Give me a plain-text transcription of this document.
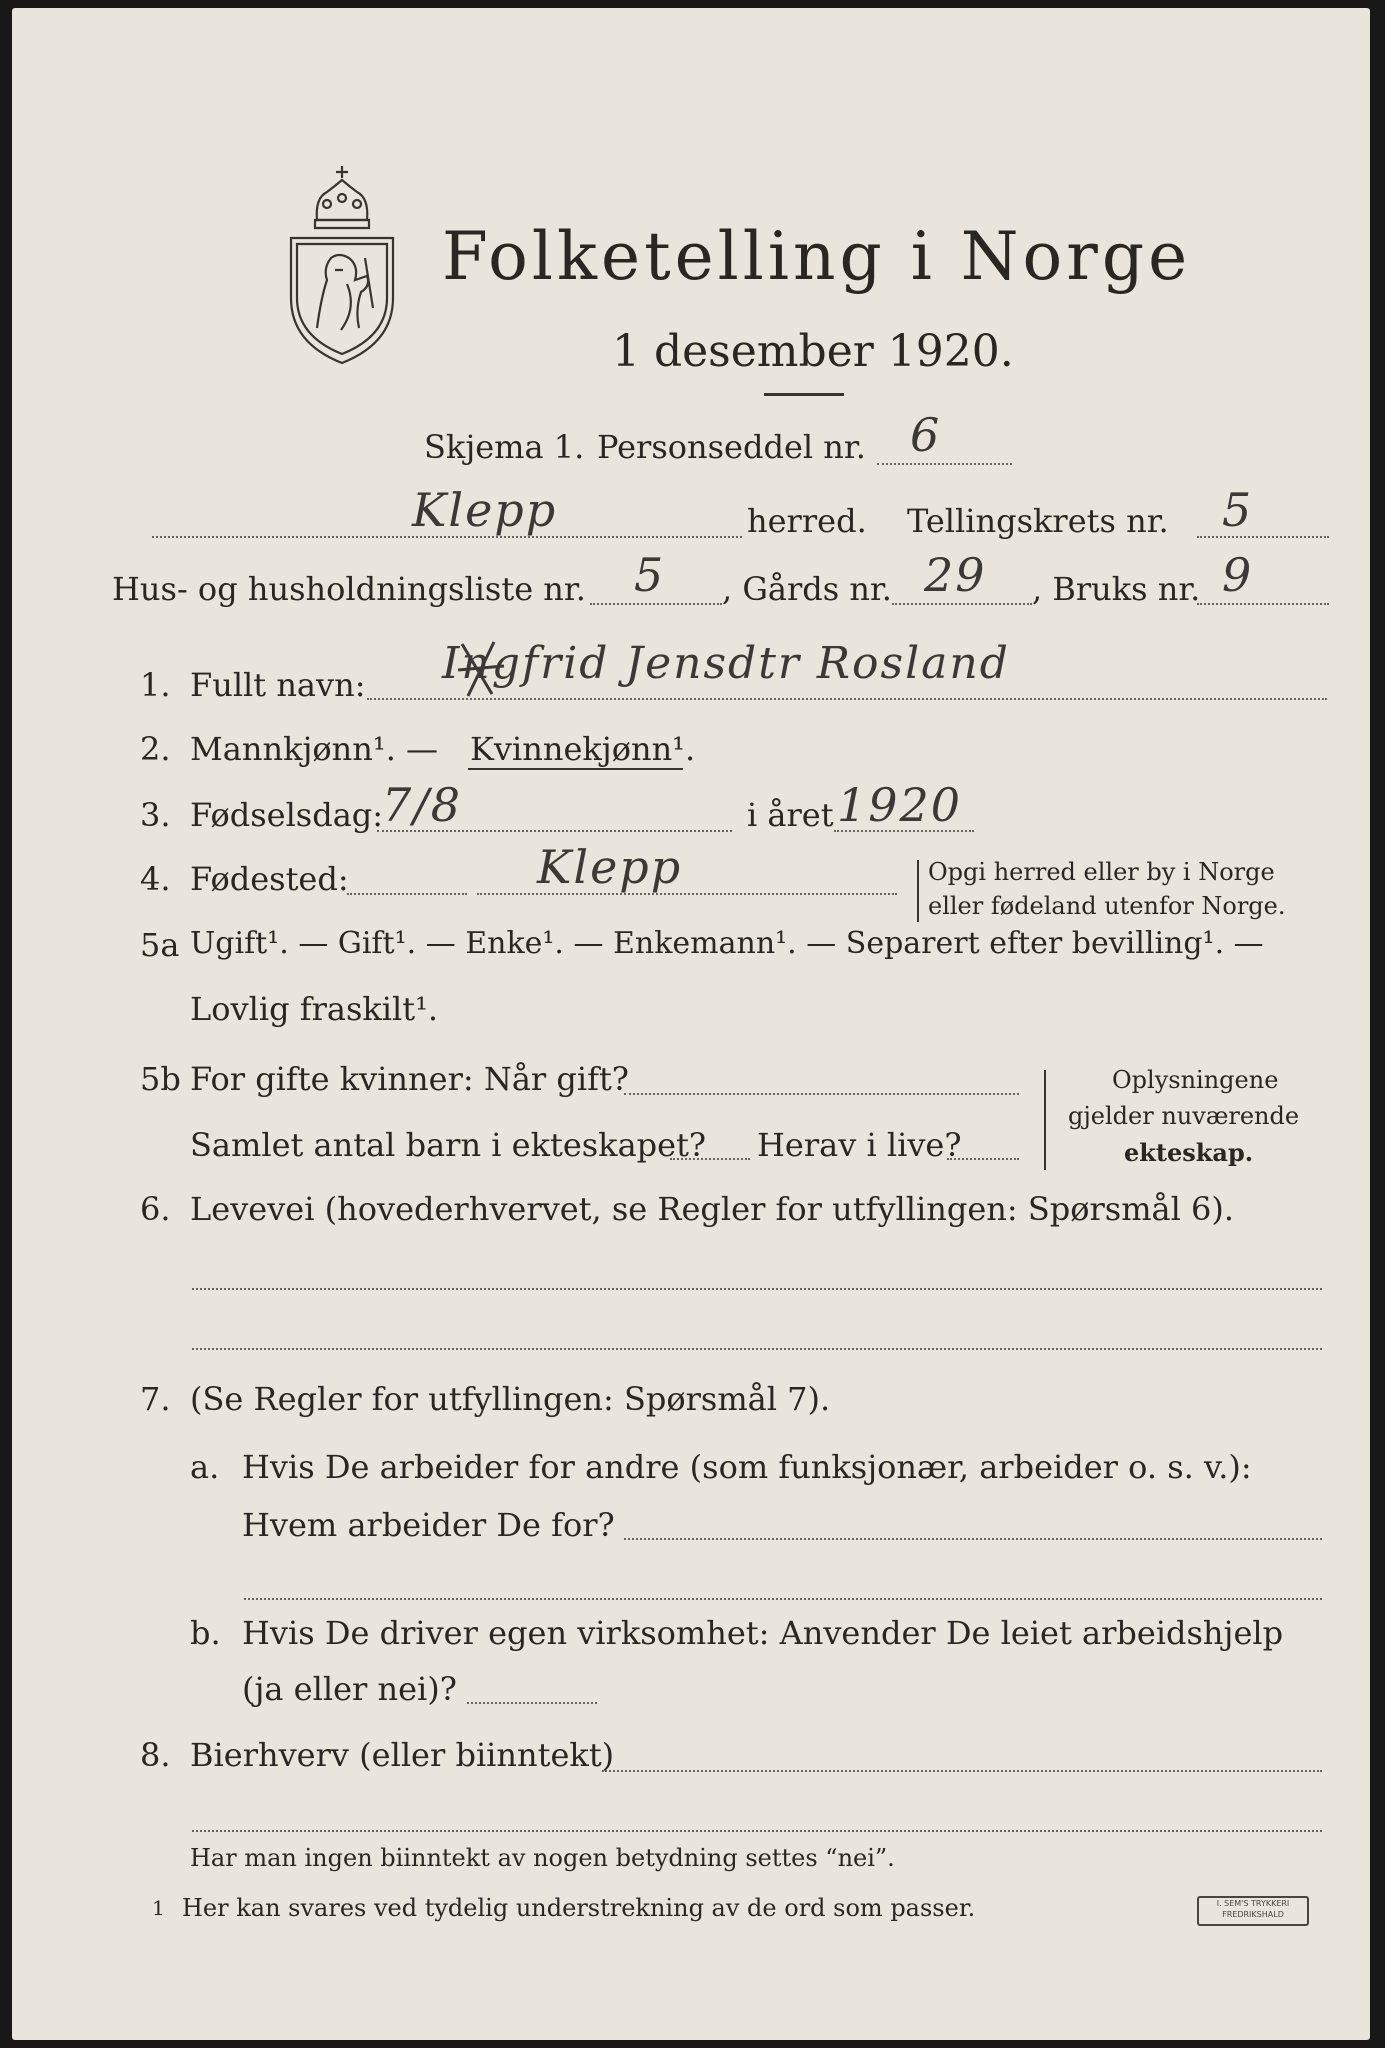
Folketelling i Norge
1 desember 1920.
Skjema 1. Personseddel nr. 6
Klepp	herred. Tellingskrets nr. 5
Hus- og husholdningsliste nr. 5 , Gårds nr. 29 , Bruks nr. 9
1. Fullt navn: Ingfrid Jensdtr Rosland
2. Mannkjønn¹. — Kvinnekjønn¹.
3. Fødselsdag:
7/8	i året 1920
4. Fødested:	Klepp	Opgi herred eller by i Norge
eller fødeland utenfor Norge.
5a Ugift¹. — Gift¹. — Enke¹. — Enkemann¹. — Separert efter bevilling¹. —
Lovlig fraskilt¹.
5b For gifte kvinner: Når gift?
Samlet antal barn i ekteskapet? Herav i live?
Oplysningene
gjelder nuværende
ekteskap.
6. Levevei (hovederhvervet, se Regler for utfyllingen: Spørsmål 6).
7. (Se Regler for utfyllingen: Spørsmål 7).
a. Hvis De arbeider for andre (som funksjonær, arbeider o. s. v.):
Hvem arbeider De for?
b. Hvis De driver egen virksomhet: Anvender De leiet arbeidshjelp
(ja eller nei)?
8. Bierhverv (eller biinntekt)
Har man ingen biinntekt av nogen betydning settes “nei”.
1 Her kan svares ved tydelig understrekning av de ord som passer.	I. SEM'S TRYKKERI
FREDRIKSHALD
